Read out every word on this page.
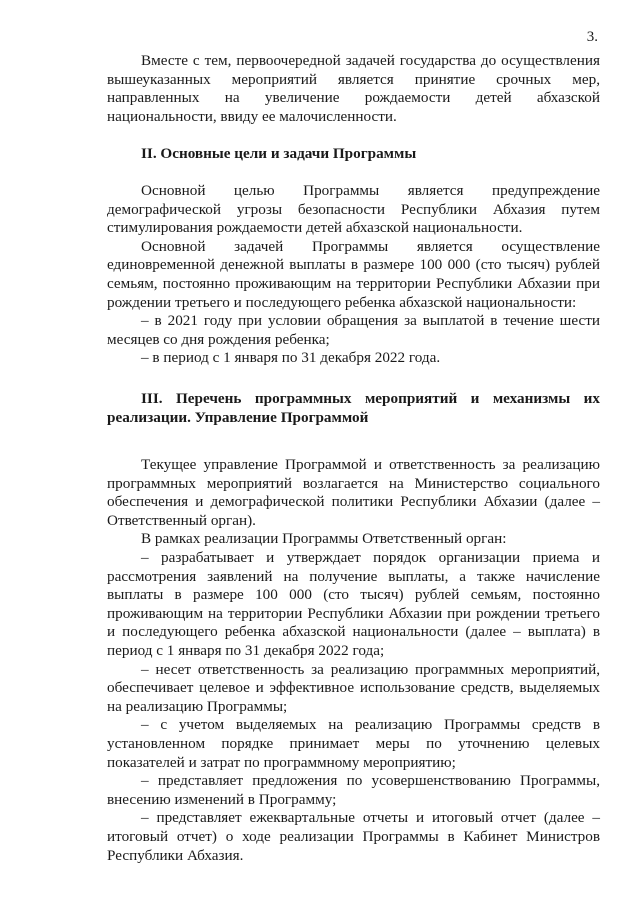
3.

Вместе с тем, первоочередной задачей государства до осуществления вышеуказанных мероприятий является принятие срочных мер, направленных на увеличение рождаемости детей абхазской национальности, ввиду ее малочисленности.

II. Основные цели и задачи Программы

Основной целью Программы является предупреждение демографической угрозы безопасности Республики Абхазия путем стимулирования рождаемости детей абхазской национальности.

Основной задачей Программы является осуществление единовременной денежной выплаты в размере 100 000 (сто тысяч) рублей семьям, постоянно проживающим на территории Республики Абхазии при рождении третьего и последующего ребенка абхазской национальности:

– в 2021 году при условии обращения за выплатой в течение шести месяцев со дня рождения ребенка;

– в период с 1 января по 31 декабря 2022 года.

III. Перечень программных мероприятий и механизмы их реализации. Управление Программой

Текущее управление Программой и ответственность за реализацию программных мероприятий возлагается на Министерство социального обеспечения и демографической политики Республики Абхазии (далее – Ответственный орган).

В рамках реализации Программы Ответственный орган:

– разрабатывает и утверждает порядок организации приема и рассмотрения заявлений на получение выплаты, а также начисление выплаты в размере 100 000 (сто тысяч) рублей семьям, постоянно проживающим на территории Республики Абхазии при рождении третьего и последующего ребенка абхазской национальности (далее – выплата) в период с 1 января по 31 декабря 2022 года;

– несет ответственность за реализацию программных мероприятий, обеспечивает целевое и эффективное использование средств, выделяемых на реализацию Программы;

– с учетом выделяемых на реализацию Программы средств в установленном порядке принимает меры по уточнению целевых показателей и затрат по программному мероприятию;

– представляет предложения по усовершенствованию Программы, внесению изменений в Программу;

– представляет ежеквартальные отчеты и итоговый отчет (далее – итоговый отчет) о ходе реализации Программы в Кабинет Министров Республики Абхазия.
